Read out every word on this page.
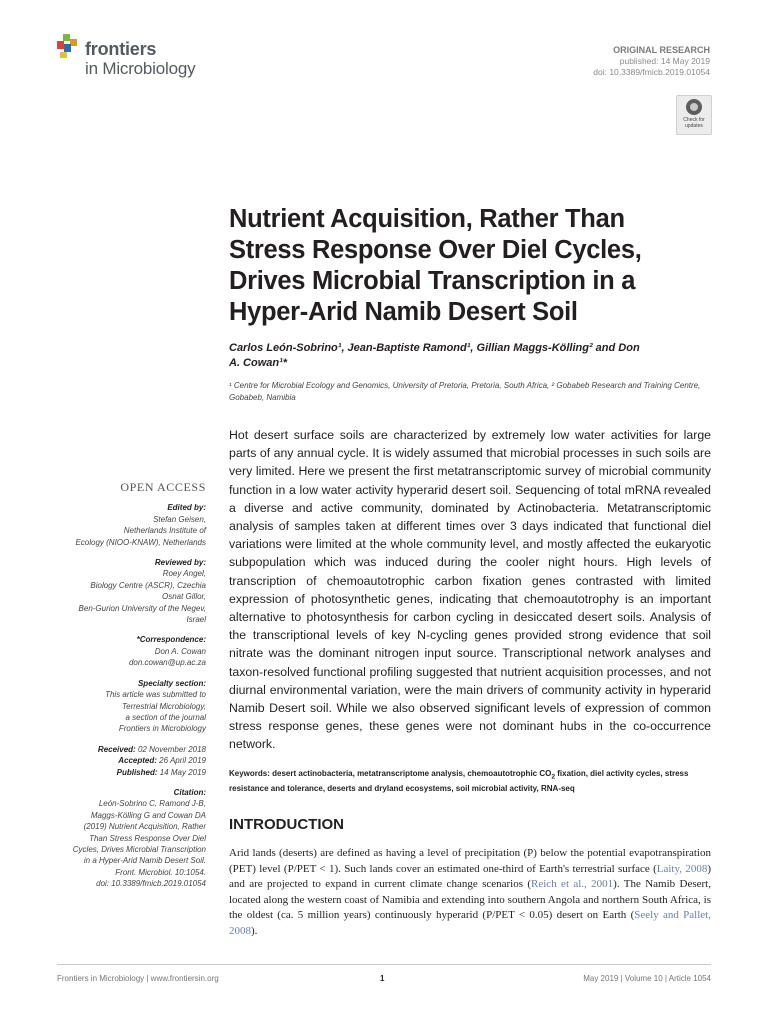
frontiers
in Microbiology
ORIGINAL RESEARCH
published: 14 May 2019
doi: 10.3389/fmicb.2019.01054
Check for updates
Nutrient Acquisition, Rather Than Stress Response Over Diel Cycles, Drives Microbial Transcription in a Hyper-Arid Namib Desert Soil
Carlos León-Sobrino¹, Jean-Baptiste Ramond¹, Gillian Maggs-Kölling² and Don A. Cowan¹*
¹ Centre for Microbial Ecology and Genomics, University of Pretoria, Pretoria, South Africa, ² Gobabeb Research and Training Centre, Gobabeb, Namibia
Hot desert surface soils are characterized by extremely low water activities for large parts of any annual cycle. It is widely assumed that microbial processes in such soils are very limited. Here we present the first metatranscriptomic survey of microbial community function in a low water activity hyperarid desert soil. Sequencing of total mRNA revealed a diverse and active community, dominated by Actinobacteria. Metatranscriptomic analysis of samples taken at different times over 3 days indicated that functional diel variations were limited at the whole community level, and mostly affected the eukaryotic subpopulation which was induced during the cooler night hours. High levels of transcription of chemoautotrophic carbon fixation genes contrasted with limited expression of photosynthetic genes, indicating that chemoautotrophy is an important alternative to photosynthesis for carbon cycling in desiccated desert soils. Analysis of the transcriptional levels of key N-cycling genes provided strong evidence that soil nitrate was the dominant nitrogen input source. Transcriptional network analyses and taxon-resolved functional profiling suggested that nutrient acquisition processes, and not diurnal environmental variation, were the main drivers of community activity in hyperarid Namib Desert soil. While we also observed significant levels of expression of common stress response genes, these genes were not dominant hubs in the co-occurrence network.
Keywords: desert actinobacteria, metatranscriptome analysis, chemoautotrophic $CO_2$ fixation, diel activity cycles, stress resistance and tolerance, deserts and dryland ecosystems, soil microbial activity, RNA-seq
INTRODUCTION
Arid lands (deserts) are defined as having a level of precipitation (P) below the potential evapotranspiration (PET) level (P/PET < 1). Such lands cover an estimated one-third of Earth's terrestrial surface (Laity, 2008) and are projected to expand in current climate change scenarios (Reich et al., 2001). The Namib Desert, located along the western coast of Namibia and extending into southern Angola and northern South Africa, is the oldest (ca. 5 million years) continuously hyperarid (P/PET < 0.05) desert on Earth (Seely and Pallet, 2008).
OPEN ACCESS
Edited by:
Stefan Geisen,
Netherlands Institute of
Ecology (NIOO-KNAW), Netherlands
Reviewed by:
Roey Angel,
Biology Centre (ASCR), Czechia
Osnat Gillor,
Ben-Gurion University of the Negev,
Israel
*Correspondence:
Don A. Cowan
don.cowan@up.ac.za
Specialty section:
This article was submitted to
Terrestrial Microbiology,
a section of the journal
Frontiers in Microbiology
Received: 02 November 2018
Accepted: 26 April 2019
Published: 14 May 2019
Citation:
León-Sobrino C, Ramond J-B,
Maggs-Kölling G and Cowan DA
(2019) Nutrient Acquisition, Rather
Than Stress Response Over Diel
Cycles, Drives Microbial Transcription
in a Hyper-Arid Namib Desert Soil.
Front. Microbiol. 10:1054.
doi: 10.3389/fmicb.2019.01054
Frontiers in Microbiology | www.frontiersin.org	1	May 2019 | Volume 10 | Article 1054
